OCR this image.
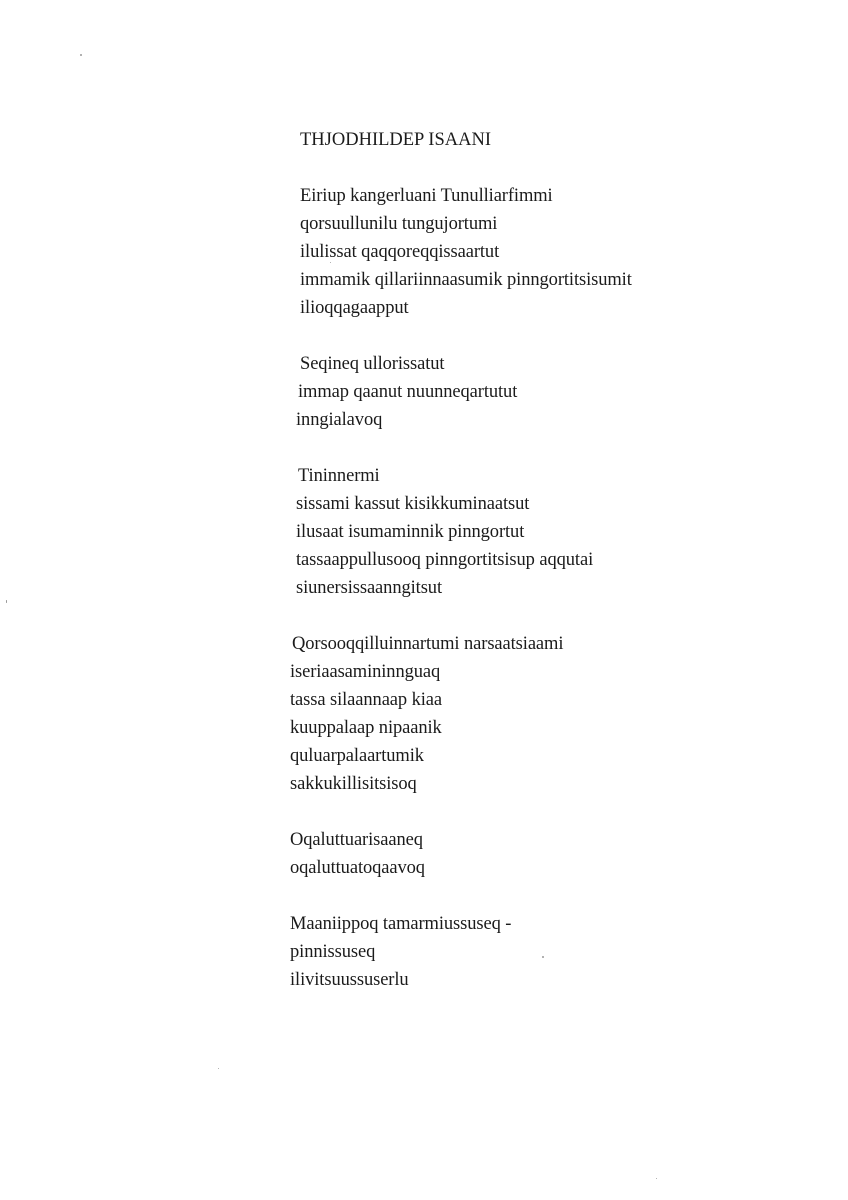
THJODHILDEP ISAANI
Eiriup kangerluani Tunulliarfimmi
qorsuullunilu tungujortumi
ilulissat qaqqoreqqissaartut
immamik qillariinnaasumik pinngortitsisumit
ilioqqagaapput
Seqineq ullorissatut
immap qaanut nuunneqartutut
inngialavoq
Tininnermi
sissami kassut kisikkuminaatsut
ilusaat isumaminnik pinngortut
tassaappullusooq pinngortitsisup aqqutai
siunersissaanngitsut
Qorsooqqilluinnartumi narsaatsiaami
iseriaasamininnguaq
tassa silaannaap kiaa
kuuppalaap nipaanik
quluarpalaartumik
sakkukillisitsisoq
Oqaluttuarisaaneq
oqaluttuatoqaavoq
Maaniippoq tamarmiussuseq -
pinnissuseq
ilivitsuussuserlu
